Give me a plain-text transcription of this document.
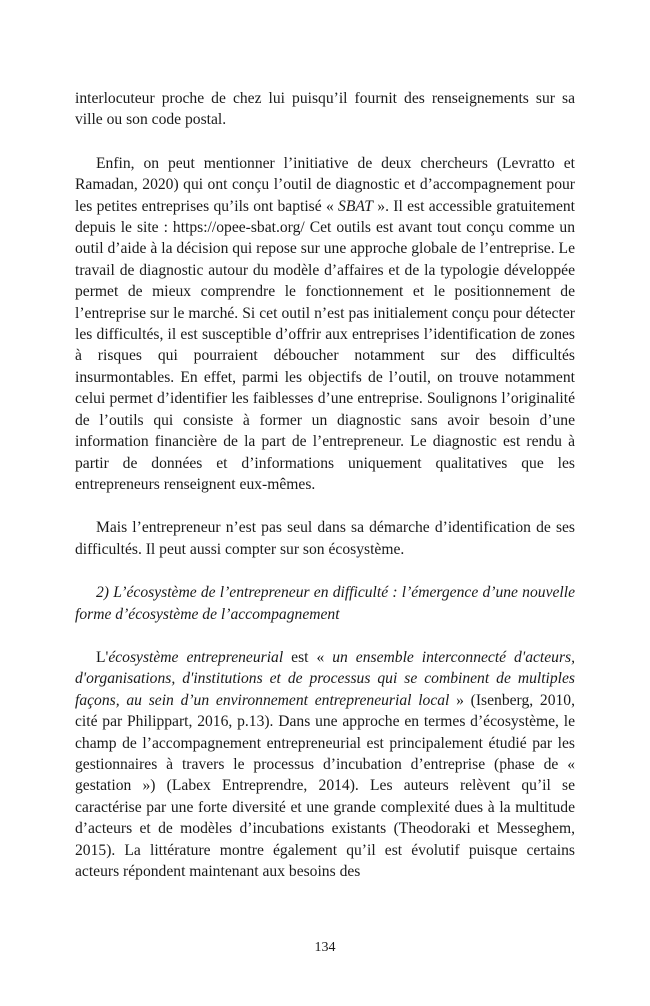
interlocuteur proche de chez lui puisqu’il fournit des renseignements sur sa ville ou son code postal.

Enfin, on peut mentionner l’initiative de deux chercheurs (Levratto et Ramadan, 2020) qui ont conçu l’outil de diagnostic et d’accompagnement pour les petites entreprises qu’ils ont baptisé « SBAT ». Il est accessible gratuitement depuis le site : https://opee-sbat.org/ Cet outils est avant tout conçu comme un outil d’aide à la décision qui repose sur une approche globale de l’entreprise. Le travail de diagnostic autour du modèle d’affaires et de la typologie développée permet de mieux comprendre le fonctionnement et le positionnement de l’entreprise sur le marché. Si cet outil n’est pas initialement conçu pour détecter les difficultés, il est susceptible d’offrir aux entreprises l’identification de zones à risques qui pourraient déboucher notamment sur des difficultés insurmontables. En effet, parmi les objectifs de l’outil, on trouve notamment celui permet d’identifier les faiblesses d’une entreprise. Soulignons l’originalité de l’outils qui consiste à former un diagnostic sans avoir besoin d’une information financière de la part de l’entrepreneur. Le diagnostic est rendu à partir de données et d’informations uniquement qualitatives que les entrepreneurs renseignent eux-mêmes.

Mais l’entrepreneur n’est pas seul dans sa démarche d’identification de ses difficultés. Il peut aussi compter sur son écosystème.

2) L’écosystème de l’entrepreneur en difficulté : l’émergence d’une nouvelle forme d’écosystème de l’accompagnement

L'écosystème entrepreneurial est « un ensemble interconnecté d'acteurs, d'organisations, d'institutions et de processus qui se combinent de multiples façons, au sein d’un environnement entrepreneurial local » (Isenberg, 2010, cité par Philippart, 2016, p.13). Dans une approche en termes d’écosystème, le champ de l’accompagnement entrepreneurial est principalement étudié par les gestionnaires à travers le processus d’incubation d’entreprise (phase de « gestation ») (Labex Entreprendre, 2014). Les auteurs relèvent qu’il se caractérise par une forte diversité et une grande complexité dues à la multitude d’acteurs et de modèles d’incubations existants (Theodoraki et Messeghem, 2015). La littérature montre également qu’il est évolutif puisque certains acteurs répondent maintenant aux besoins des

134
